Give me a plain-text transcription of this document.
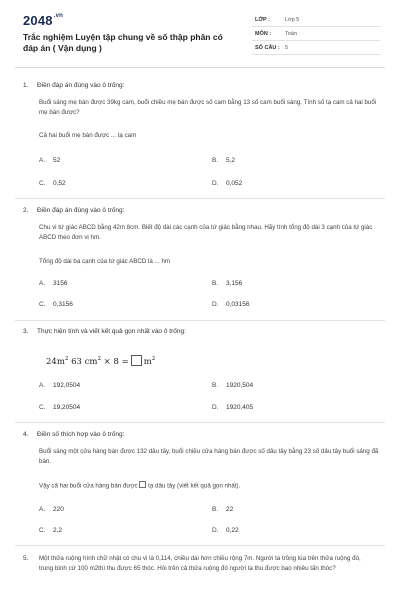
$2048^{.vn}$
Trắc nghiệm Luyện tập chung về số thập phân có đáp án ( Vận dụng )
LỚP :	Lớp 5
MÔN :	Toán
SỐ CÂU : 5
1. Điền đáp án đúng vào ô trống:
Buổi sáng mẹ bán được 39kg cam, buổi chiều mẹ bán được số cam bằng 13 số cam buổi sáng. Tính số tạ cam cả hai buổi mẹ bán được?
Cả hai buổi mẹ bán được ... tạ cam
A. 52	B. 5,2
C. 0,52	D. 0,052
2. Điền đáp án đúng vào ô trống:
Chu vi tứ giác ABCD bằng 42m 8cm. Biết độ dài các cạnh của tứ giác bằng nhau. Hãy tính tổng độ dài 3 cạnh của tứ giác ABCD theo đơn vị hm.
Tổng độ dài ba cạnh của tứ giác ABCD là ... hm
A. 3156	B. 3,156
C. 0,3156	D. 0,03156
3. Thực hiện tính và viết kết quả gọn nhất vào ô trống:
$24m^2$ 63 $cm^2 \times 8 = m^2$
A. 192,0504	B. 1920,504
C. 19,20504	D. 1920,405
4. Điền số thích hợp vào ô trống:
Buổi sáng một cửa hàng bán được 132 dâu tây, buổi chiều cửa hàng bán được số dâu tây bằng 23 số dâu tây buổi sáng đã bán.
Vậy cả hai buổi cửa hàng bán được tạ dâu tây (viết kết quả gọn nhất).
A. 220	B. 22
C. 2,2	D. 0,22
5.	Một thửa ruộng hình chữ nhật có chu vi là 0,114, chiều dài hơn chiều rộng 7m. Người ta trồng lúa trên thửa ruộng đó, trung bình cứ 100 m2thì thu được 65 thóc. Hỏi trên cả thửa ruộng đó người ta thu được bao nhiêu tấn thóc?
